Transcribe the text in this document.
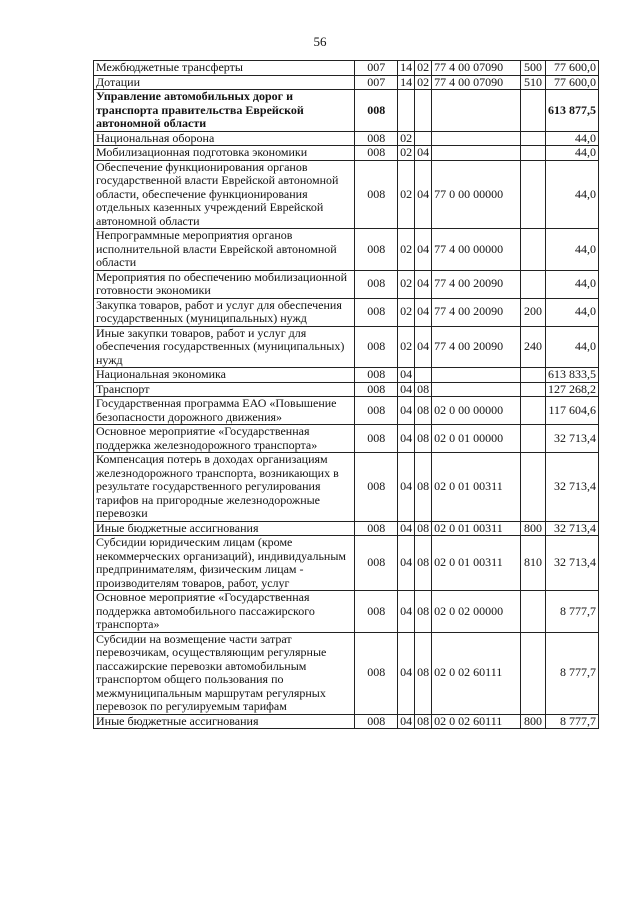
56
Межбюджетные трансферты	007	14	02	77 4 00 07090	500	77 600,0
Дотации	007	14	02	77 4 00 07090	510	77 600,0
Управление автомобильных дорог и транспорта правительства Еврейской автономной области	008					613 877,5
Национальная оборона	008	02				44,0
Мобилизационная подготовка экономики	008	02	04			44,0
Обеспечение функционирования органов государственной власти Еврейской автономной области, обеспечение функционирования отдельных казенных учреждений Еврейской автономной области	008	02	04	77 0 00 00000		44,0
Непрограммные мероприятия органов исполнительной власти Еврейской автономной области	008	02	04	77 4 00 00000		44,0
Мероприятия по обеспечению мобилизационной готовности экономики	008	02	04	77 4 00 20090		44,0
Закупка товаров, работ и услуг для обеспечения государственных (муниципальных) нужд	008	02	04	77 4 00 20090	200	44,0
Иные закупки товаров, работ и услуг для обеспечения государственных (муниципальных) нужд	008	02	04	77 4 00 20090	240	44,0
Национальная экономика	008	04				613 833,5
Транспорт	008	04	08			127 268,2
Государственная программа ЕАО «Повышение безопасности дорожного движения»	008	04	08	02 0 00 00000		117 604,6
Основное мероприятие «Государственная поддержка железнодорожного транспорта»	008	04	08	02 0 01 00000		32 713,4
Компенсация потерь в доходах организациям железнодорожного транспорта, возникающих в результате государственного регулирования тарифов на пригородные железнодорожные перевозки	008	04	08	02 0 01 00311		32 713,4
Иные бюджетные ассигнования	008	04	08	02 0 01 00311	800	32 713,4
Субсидии юридическим лицам (кроме некоммерческих организаций), индивидуальным предпринимателям, физическим лицам - производителям товаров, работ, услуг	008	04	08	02 0 01 00311	810	32 713,4
Основное мероприятие «Государственная поддержка автомобильного пассажирского транспорта»	008	04	08	02 0 02 00000		8 777,7
Субсидии на возмещение части затрат перевозчикам, осуществляющим регулярные пассажирские перевозки автомобильным транспортом общего пользования по межмуниципальным маршрутам регулярных перевозок по регулируемым тарифам	008	04	08	02 0 02 60111		8 777,7
Иные бюджетные ассигнования	008	04	08	02 0 02 60111	800	8 777,7
